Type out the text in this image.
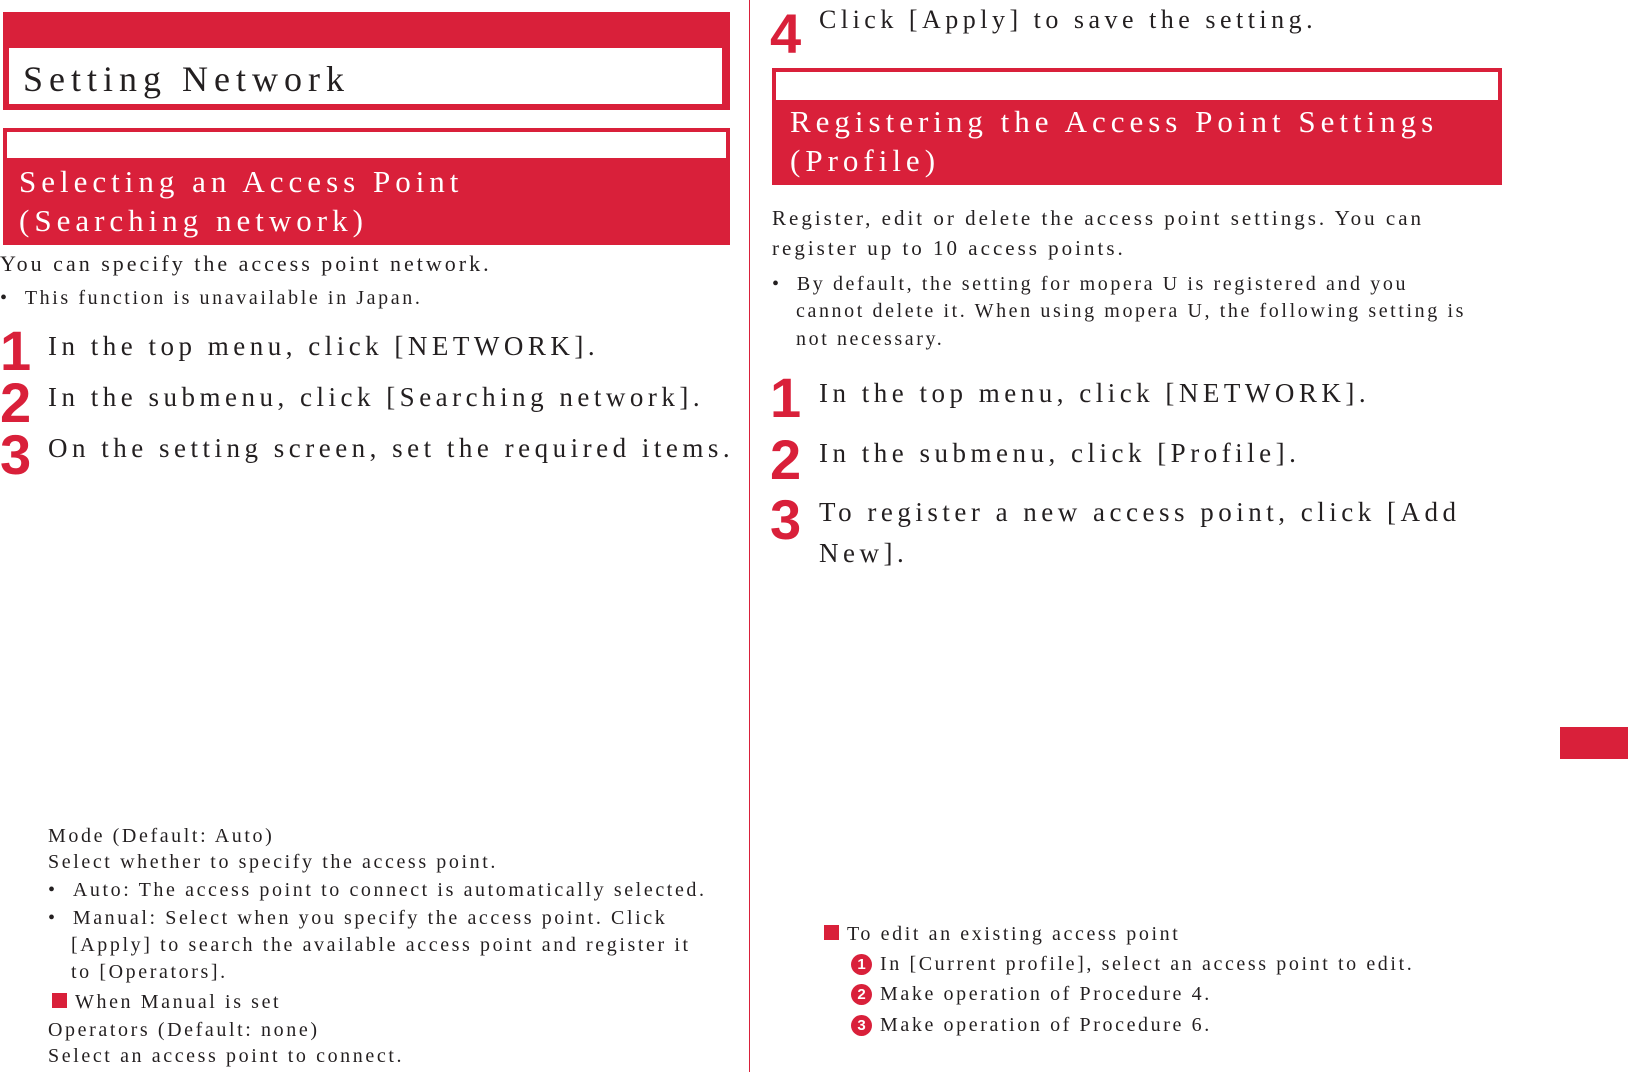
Setting Network
Selecting an Access Point
(Searching network)
You can specify the access point network.
•  This function is unavailable in Japan.
1 In the top menu, click [NETWORK].
2 In the submenu, click [Searching network].
3 On the setting screen, set the required items.
Mode (Default: Auto)
Select whether to specify the access point.
•  Auto: The access point to connect is automatically selected.
•  Manual: Select when you specify the access point. Click
[Apply] to search the available access point and register it
to [Operators].
When Manual is set
Operators (Default: none)
Select an access point to connect.
4 Click [Apply] to save the setting.
Registering the Access Point Settings
(Profile)
Register, edit or delete the access point settings. You can
register up to 10 access points.
•  By default, the setting for mopera U is registered and you
cannot delete it. When using mopera U, the following setting is
not necessary.
1 In the top menu, click [NETWORK].
2 In the submenu, click [Profile].
3 To register a new access point, click [Add
New].
To edit an existing access point
1 In [Current profile], select an access point to edit.
2 Make operation of Procedure 4.
3 Make operation of Procedure 6.
